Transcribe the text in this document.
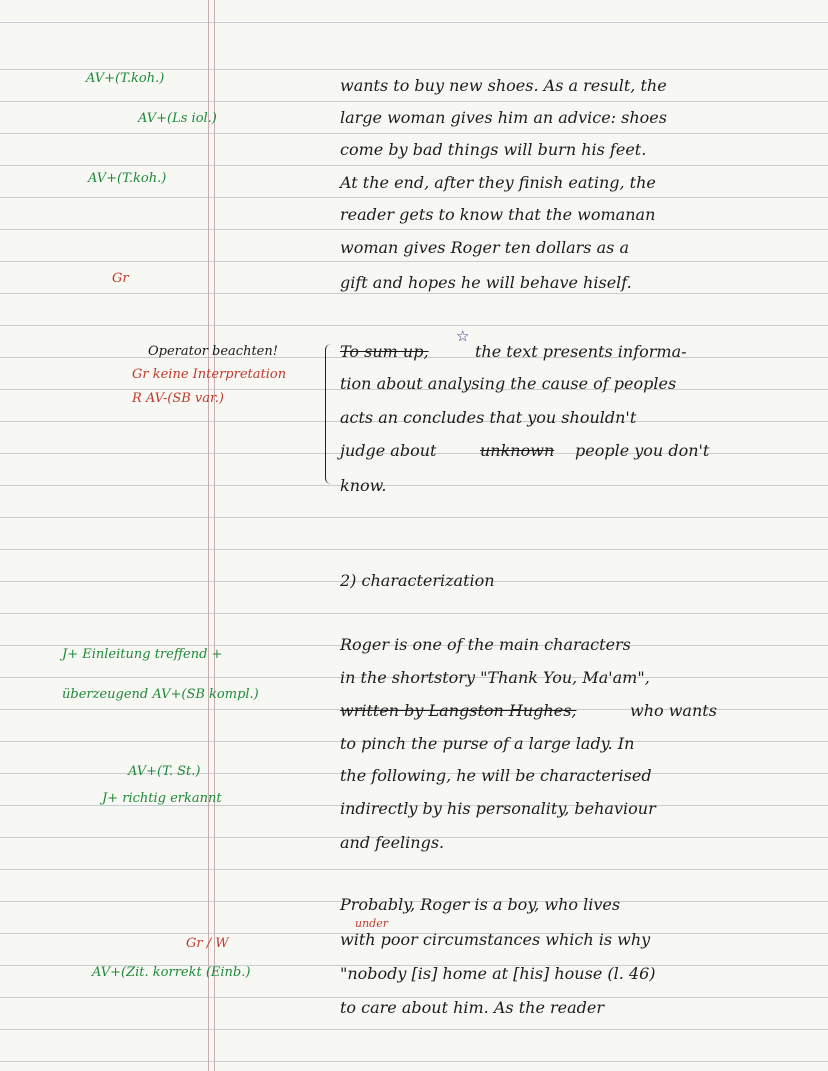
wants to buy new shoes. As a result, the
large woman gives him an advice: shoes
come by bad things will burn his feet.
At the end, after they finish eating, the
reader gets to know that the womanan
woman gives Roger ten dollars as a
gift and hopes he will behave hiself.
☆
To sum up,	the text presents informa-
tion about analysing the cause of peoples
acts an concludes that you shouldn't
judge about	unknown people you don't
know.
2) characterization
Roger is one of the main characters
in the shortstory "Thank You, Ma'am",
written by Langston Hughes,	who wants
to pinch the purse of a large lady. In
the following, he will be characterised
indirectly by his personality, behaviour
and feelings.
Probably, Roger is a boy, who lives
under
with poor circumstances which is why
"nobody [is] home at [his] house (l. 46)
to care about him. As the reader
AV+(T.koh.)
AV+(Ls iol.)
AV+(T.koh.)
Gr
Operator beachten!
Gr keine Interpretation
R AV-(SB var.)
J+ Einleitung treffend +
überzeugend AV+(SB kompl.)
AV+(T. St.)
J+ richtig erkannt
Gr / W
AV+(Zit. korrekt (Einb.)
